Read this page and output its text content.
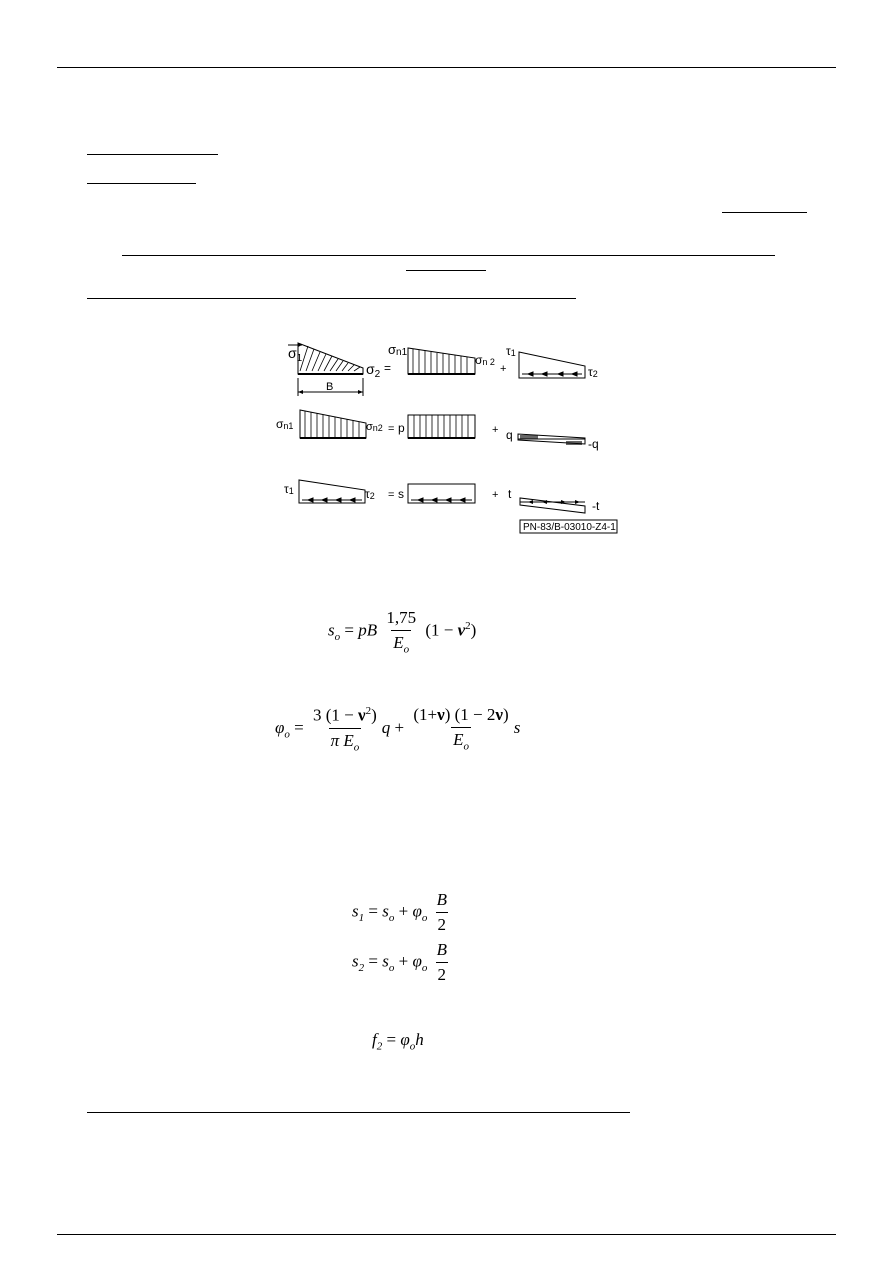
$\sigma_1$
B
$\sigma_2$ =
σn1
σn 2
+
τ1
τ2
σn1	σn2 = p	+ q
-q
τ1	τ2 = s	+ t
-t
PN-83/B-03010-Z4-1
$s_o$ = pB $\frac{1,75}{E_o} (1 - \nu^2)$
$\varphi_o = \frac{3 (1 - \nu^2)}{\pi E_o}$ $q + \frac{(1+\nu) (1 - 2\nu)}{E_o}$ s
$s_1 = s_o + \varphi_o \frac{B}{2}$
$s_2 = s_o + \varphi_o \frac{B}{2}$
$f_2 = \varphi_oh$
